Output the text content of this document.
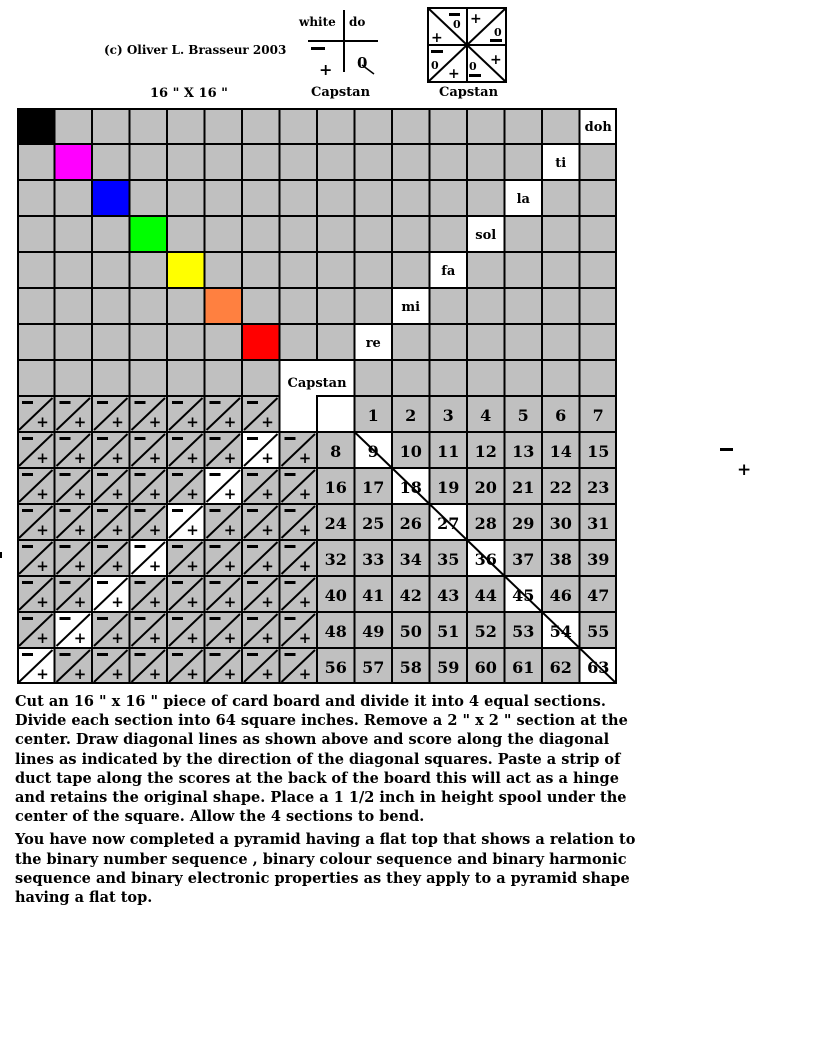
(c) Oliver L. Brasseur 2003
16 " X 16 "
white do
+ 0
Capstan
0 +
0
+
0
+ 0 +
Capstan
doh
ti
la
sol
fa
mi
re
+ + + + + + +	1 2 3 4 5 6 7
+ + + + + + + + 8 9 10 11 12 13 14 15
+ + + + + + + + 16 17 18 19 20 21 22 23
+ + + + + + + + 24 25 26 27 28 29 30 31
+ + + + + + + + 32 33 34 35 36 37 38 39
+ + + + + + + + 40 41 42 43 44 45 46 47
+ + + + + + + + 48 49 50 51 52 53 54 55
+ + + + + + + + 56 57 58 59 60 61 62 63
Capstan

Cut an 16 " x 16 " piece of card board and divide it into 4 equal sections. Divide each section into 64 square inches. Remove a 2 " x 2 " section at the center. Draw diagonal lines as shown above and score along the diagonal lines as indicated by the direction of the diagonal squares. Paste a strip of duct tape along the scores at the back of the board this will act as a hinge and retains the original shape. Place a 1 1/2 inch in height spool under the center of the square. Allow the 4 sections to bend.

You have now completed a pyramid having a flat top that shows a relation to the binary number sequence , binary colour sequence and binary harmonic sequence and binary electronic properties as they apply to a pyramid shape having a flat top.

+
